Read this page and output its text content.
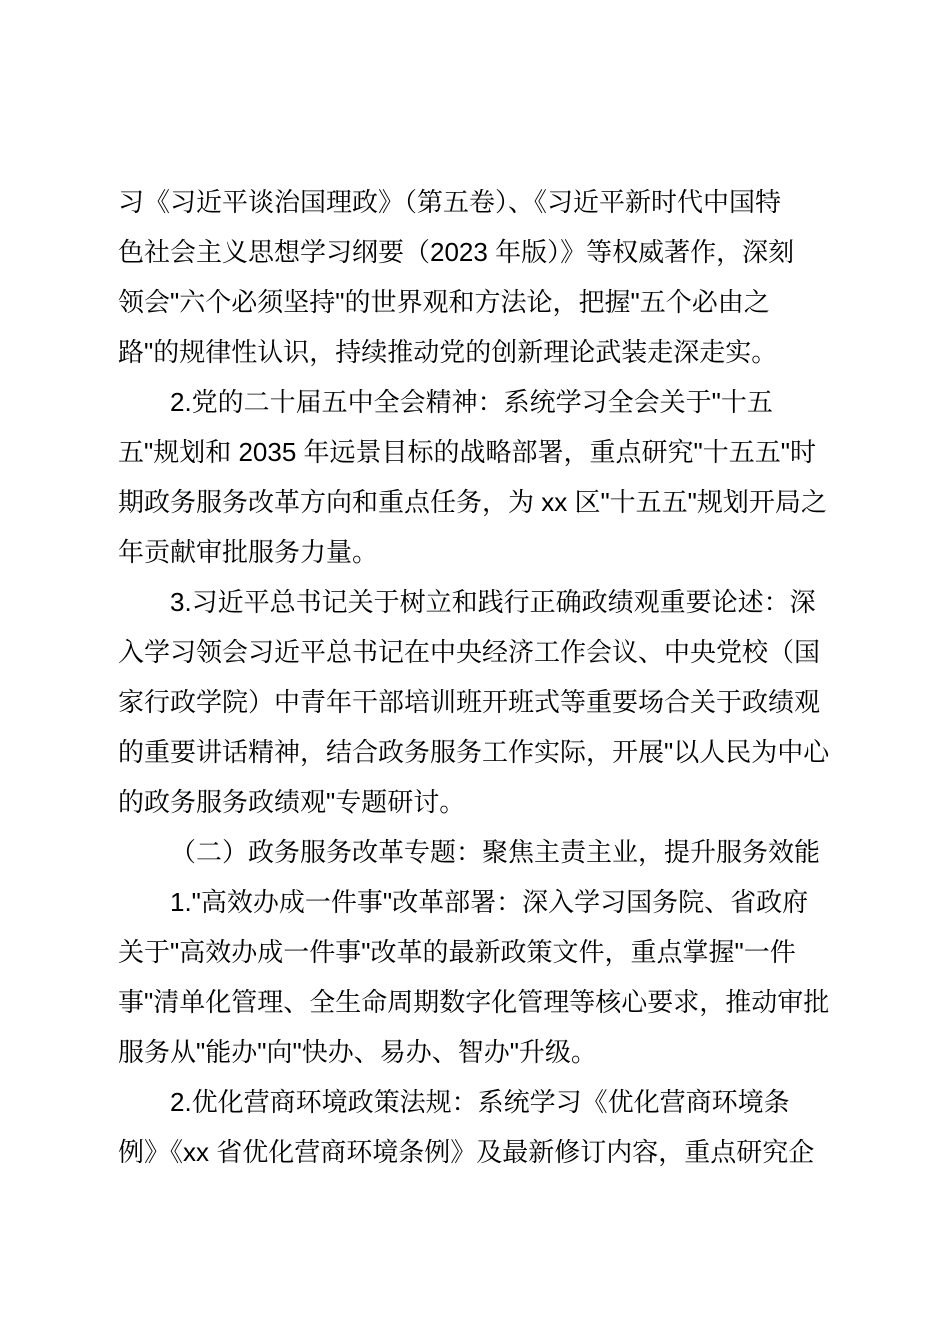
习《习近平谈治国理政》（第五卷）、《习近平新时代中国特
色社会主义思想学习纲要（2023 年版）》等权威著作，深刻
领会"六个必须坚持"的世界观和方法论，把握"五个必由之
路"的规律性认识，持续推动党的创新理论武装走深走实。
2.党的二十届五中全会精神：系统学习全会关于"十五
五"规划和 2035 年远景目标的战略部署，重点研究"十五五"时
期政务服务改革方向和重点任务，为 xx 区"十五五"规划开局之
年贡献审批服务力量。
3.习近平总书记关于树立和践行正确政绩观重要论述：深
入学习领会习近平总书记在中央经济工作会议、中央党校（国
家行政学院）中青年干部培训班开班式等重要场合关于政绩观
的重要讲话精神，结合政务服务工作实际，开展"以人民为中心
的政务服务政绩观"专题研讨。
（二）政务服务改革专题：聚焦主责主业，提升服务效能
1."高效办成一件事"改革部署：深入学习国务院、省政府
关于"高效办成一件事"改革的最新政策文件，重点掌握"一件
事"清单化管理、全生命周期数字化管理等核心要求，推动审批
服务从"能办"向"快办、易办、智办"升级。
2.优化营商环境政策法规：系统学习《优化营商环境条
例》《xx 省优化营商环境条例》及最新修订内容，重点研究企
